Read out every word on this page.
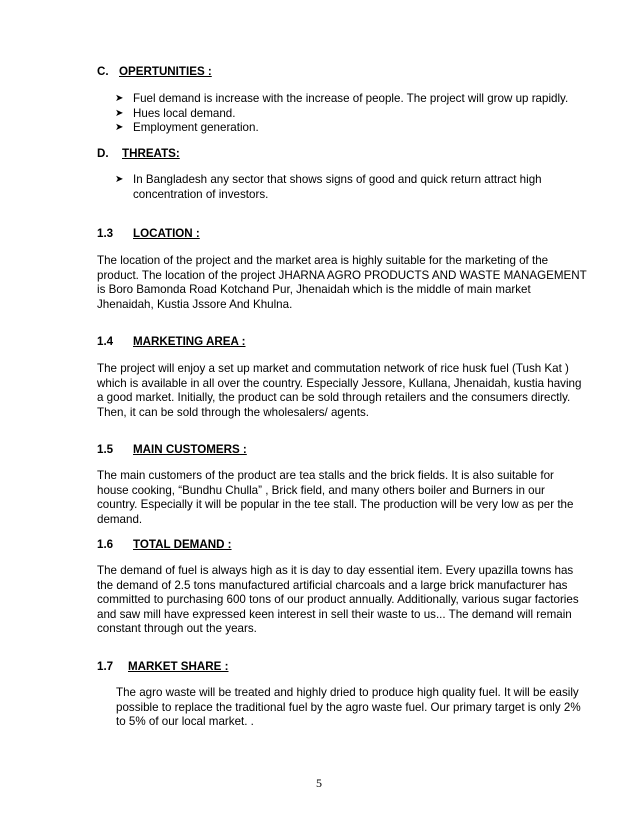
C. OPERTUNITIES :
➤ Fuel demand is increase with the increase of people. The project will grow up rapidly.
➤ Hues local demand.
➤ Employment generation.
D. THREATS:
➤ In Bangladesh any sector that shows signs of good and quick return attract high concentration of investors.
1.3 LOCATION :
The location of the project and the market area is highly suitable for the marketing of the product. The location of the project JHARNA AGRO PRODUCTS AND WASTE MANAGEMENT is Boro Bamonda Road Kotchand Pur, Jhenaidah which is the middle of main market Jhenaidah, Kustia Jssore And Khulna.
1.4 MARKETING AREA :
The project will enjoy a set up market and commutation network of rice husk fuel (Tush Kat ) which is available in all over the country. Especially Jessore, Kullana, Jhenaidah, kustia having a good market. Initially, the product can be sold through retailers and the consumers directly. Then, it can be sold through the wholesalers/ agents.
1.5 MAIN CUSTOMERS :
The main customers of the product are tea stalls and the brick fields. It is also suitable for house cooking, “Bundhu Chulla” , Brick field, and many others boiler and Burners in our country. Especially it will be popular in the tee stall. The production will be very low as per the demand.
1.6 TOTAL DEMAND :
The demand of fuel is always high as it is day to day essential item. Every upazilla towns has the demand of 2.5 tons manufactured artificial charcoals and a large brick manufacturer has committed to purchasing 600 tons of our product annually. Additionally, various sugar factories and saw mill have expressed keen interest in sell their waste to us... The demand will remain constant through out the years.
1.7 MARKET SHARE :
The agro waste will be treated and highly dried to produce high quality fuel. It will be easily possible to replace the traditional fuel by the agro waste fuel. Our primary target is only 2% to 5% of our local market. .
5
